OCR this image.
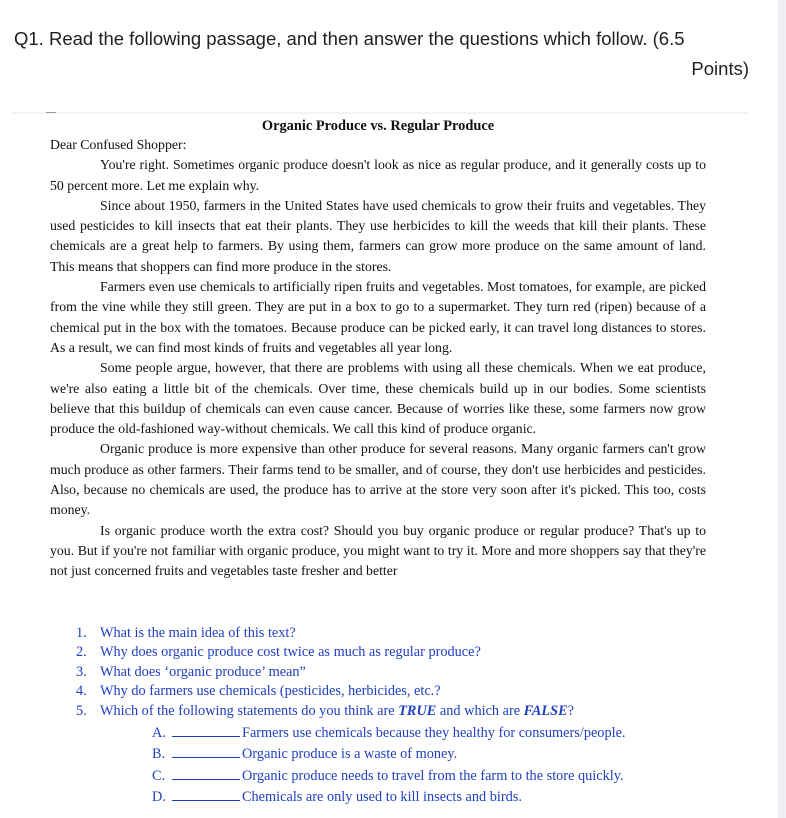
Q1. Read the following passage, and then answer the questions which follow. (6.5
Points)
Organic Produce vs. Regular Produce

Dear Confused Shopper:

You're right. Sometimes organic produce doesn't look as nice as regular produce, and it generally costs up to 50 percent more. Let me explain why.

Since about 1950, farmers in the United States have used chemicals to grow their fruits and vegetables. They used pesticides to kill insects that eat their plants. They use herbicides to kill the weeds that kill their plants. These chemicals are a great help to farmers. By using them, farmers can grow more produce on the same amount of land. This means that shoppers can find more produce in the stores.

Farmers even use chemicals to artificially ripen fruits and vegetables. Most tomatoes, for example, are picked from the vine while they still green. They are put in a box to go to a supermarket. They turn red (ripen) because of a chemical put in the box with the tomatoes. Because produce can be picked early, it can travel long distances to stores. As a result, we can find most kinds of fruits and vegetables all year long.

Some people argue, however, that there are problems with using all these chemicals. When we eat produce, we're also eating a little bit of the chemicals. Over time, these chemicals build up in our bodies. Some scientists believe that this buildup of chemicals can even cause cancer. Because of worries like these, some farmers now grow produce the old-fashioned way-without chemicals. We call this kind of produce organic.

Organic produce is more expensive than other produce for several reasons. Many organic farmers can't grow much produce as other farmers. Their farms tend to be smaller, and of course, they don't use herbicides and pesticides. Also, because no chemicals are used, the produce has to arrive at the store very soon after it's picked. This too, costs money.

Is organic produce worth the extra cost? Should you buy organic produce or regular produce? That's up to you. But if you're not familiar with organic produce, you might want to try it. More and more shoppers say that they're not just concerned fruits and vegetables taste fresher and better

1. What is the main idea of this text?
2. Why does organic produce cost twice as much as regular produce?
3. What does ‘organic produce’ mean”
4. Why do farmers use chemicals (pesticides, herbicides, etc.?
5. Which of the following statements do you think are TRUE and which are FALSE?
A.	Farmers use chemicals because they healthy for consumers/people.
B.	Organic produce is a waste of money.
C.	Organic produce needs to travel from the farm to the store quickly.
D.	Chemicals are only used to kill insects and birds.
